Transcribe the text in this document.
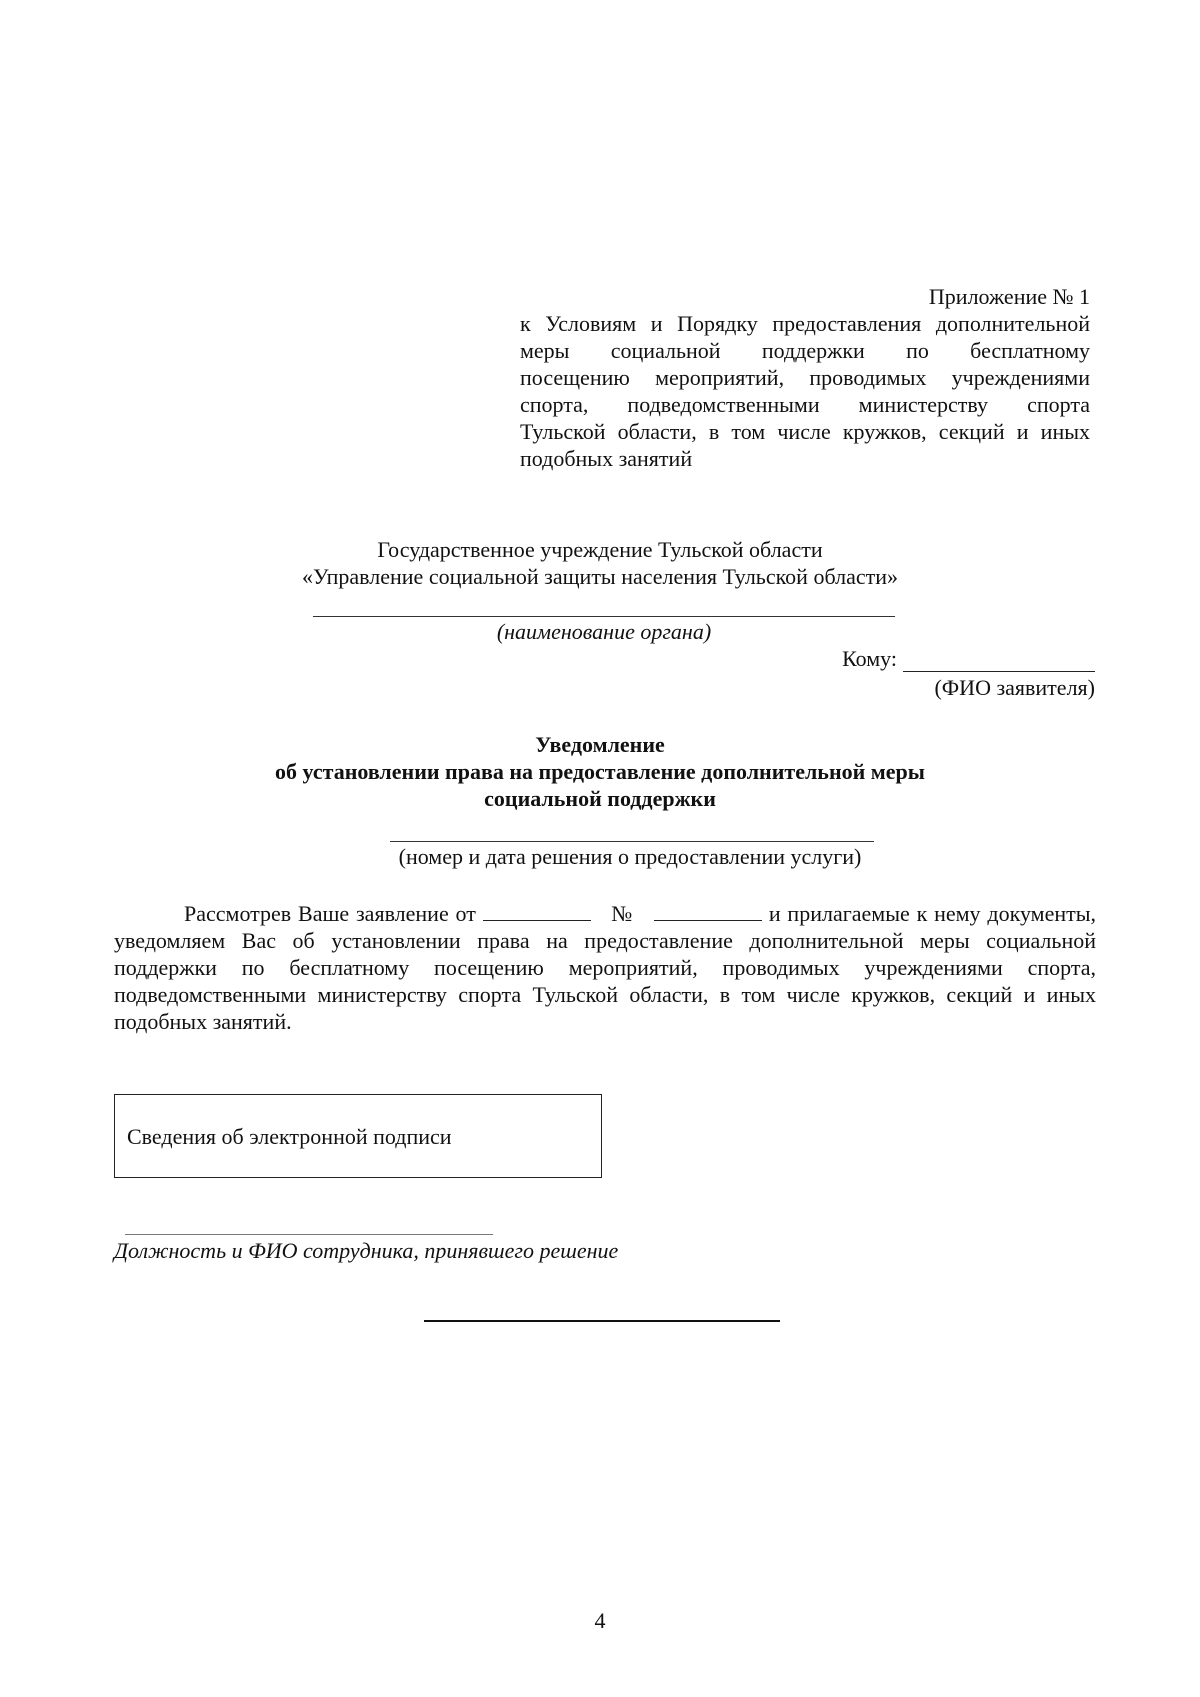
Приложение № 1
к Условиям и Порядку предоставления дополнительной
меры социальной поддержки по бесплатному
посещению мероприятий, проводимых учреждениями
спорта, подведомственными министерству спорта
Тульской области, в том числе кружков, секций и иных
подобных занятий
Государственное учреждение Тульской области
«Управление социальной защиты населения Тульской области»
(наименование органа)
Кому:
(ФИО заявителя)
Уведомление
об установлении права на предоставление дополнительной меры
социальной поддержки
(номер и дата решения о предоставлении услуги)

Рассмотрев Ваше заявление от	№	и прилагаемые к нему документы, уведомляем Вас об установлении права на предоставление дополнительной меры социальной поддержки по бесплатному посещению мероприятий, проводимых учреждениями спорта, подведомственными министерству спорта Тульской области, в том числе кружков, секций и иных подобных занятий.

Сведения об электронной подписи
Должность и ФИО сотрудника, принявшего решение
4
